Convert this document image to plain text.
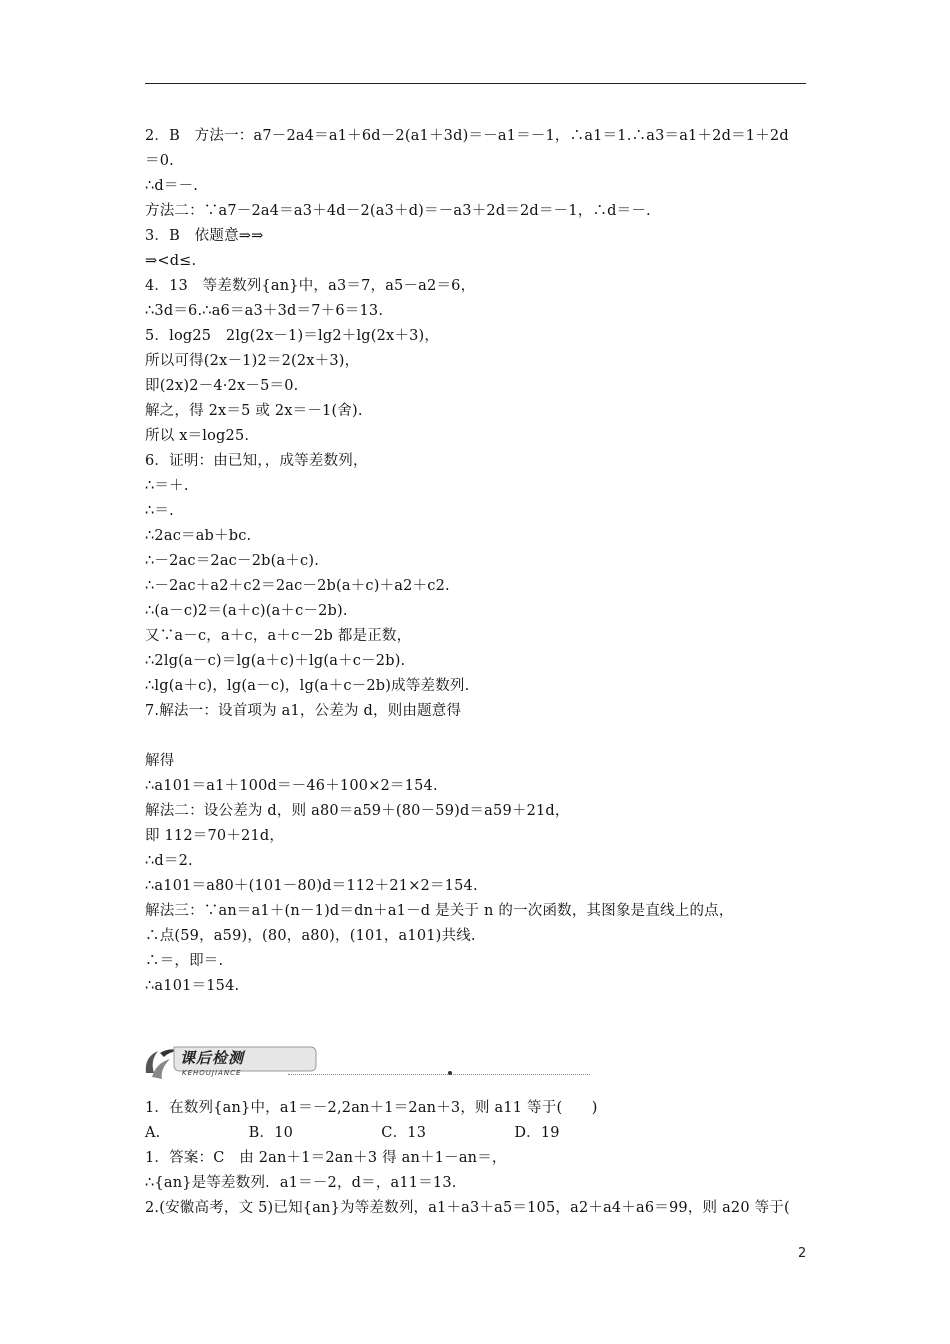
2．B　方法一：a7－2a4＝a1＋6d－2(a1＋3d)＝－a1＝－1，∴a1＝1.∴a3＝a1＋2d＝1＋2d
＝0.
∴d＝－.
方法二：∵a7－2a4＝a3＋4d－2(a3＋d)＝－a3＋2d＝2d＝－1，∴d＝－.
3．B　依题意⇒⇒
⇒<d≤.
4．13　等差数列{an}中，a3＝7，a5－a2＝6，
∴3d＝6.∴a6＝a3＋3d＝7＋6＝13.
5．log25　2lg(2x－1)＝lg2＋lg(2x＋3)，
所以可得(2x－1)2＝2(2x＋3)，
即(2x)2－4·2x－5＝0.
解之，得 2x＝5 或 2x＝－1(舍).
所以 x＝log25.
6．证明：由已知，，成等差数列，
∴＝＋.
∴＝.
∴2ac＝ab＋bc.
∴－2ac＝2ac－2b(a＋c).
∴－2ac＋a2＋c2＝2ac－2b(a＋c)＋a2＋c2.
∴(a－c)2＝(a＋c)(a＋c－2b).
又∵a－c，a＋c，a＋c－2b 都是正数，
∴2lg(a－c)＝lg(a＋c)＋lg(a＋c－2b).
∴lg(a＋c)，lg(a－c)，lg(a＋c－2b)成等差数列.
7.解法一：设首项为 a1，公差为 d，则由题意得
解得
∴a101＝a1＋100d＝－46＋100×2＝154.
解法二：设公差为 d，则 a80＝a59＋(80－59)d＝a59＋21d，
即 112＝70＋21d，
∴d＝2.
∴a101＝a80＋(101－80)d＝112＋21×2＝154.
解法三：∵an＝a1＋(n－1)d＝dn＋a1－d 是关于 n 的一次函数，其图象是直线上的点，
∴点(59，a59)，(80，a80)，(101，a101)共线.
∴＝，即＝.
∴a101＝154.
课后检测
KEHOUJIANCE
1．在数列{an}中，a1＝－2,2an＋1＝2an＋3，则 a11 等于(　　)
A.　　　　　　B．10　　　　　　C．13　　　　　　D．19
1．答案：C　由 2an＋1＝2an＋3 得 an＋1－an＝，
∴{an}是等差数列．a1＝－2，d＝，a11＝13.
2.(安徽高考，文 5)已知{an}为等差数列，a1＋a3＋a5＝105，a2＋a4＋a6＝99，则 a20 等于(
2
